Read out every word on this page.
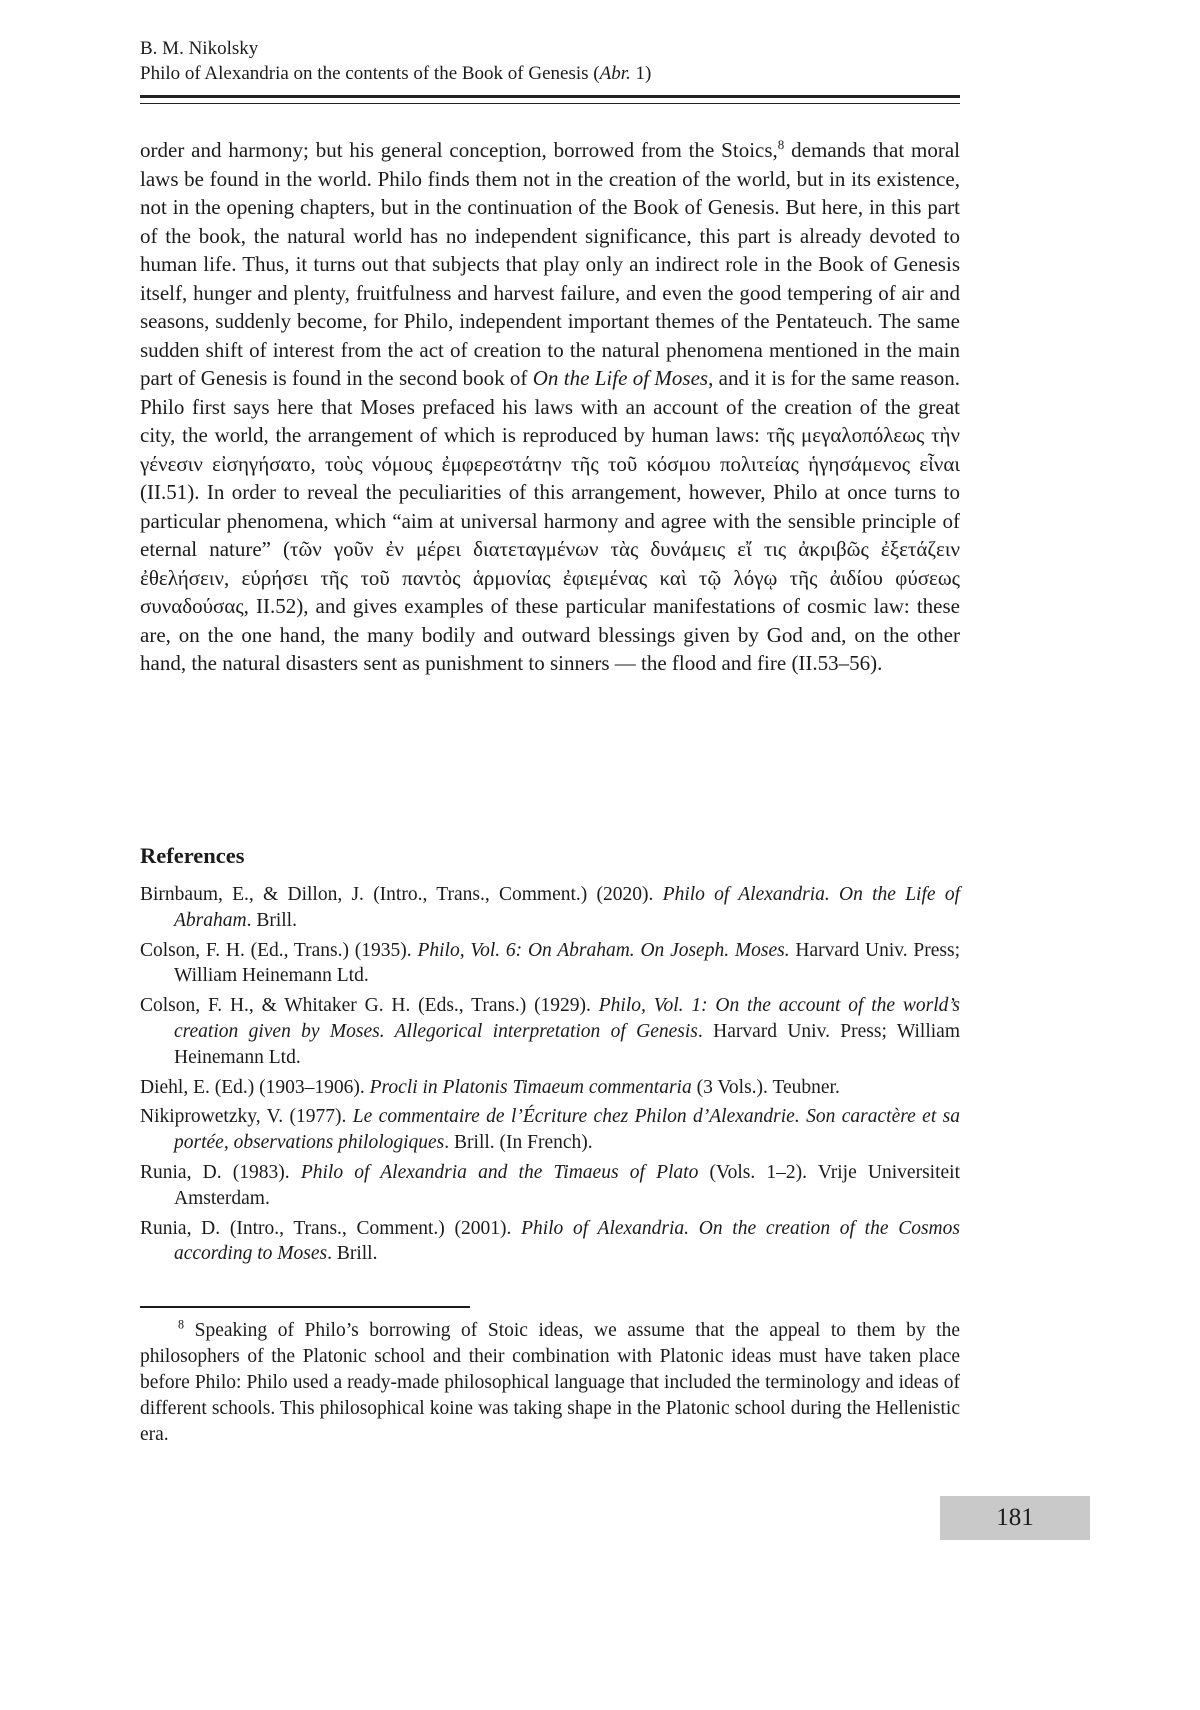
B. M. Nikolsky
Philo of Alexandria on the contents of the Book of Genesis (Abr. 1)

order and harmony; but his general conception, borrowed from the Stoics,$^8$ demands that moral laws be found in the world. Philo finds them not in the creation of the world, but in its existence, not in the opening chapters, but in the continuation of the Book of Genesis. But here, in this part of the book, the natural world has no independent significance, this part is already devoted to human life. Thus, it turns out that subjects that play only an indirect role in the Book of Genesis itself, hunger and plenty, fruitfulness and harvest failure, and even the good tempering of air and seasons, suddenly become, for Philo, independent important themes of the Pentateuch. The same sudden shift of interest from the act of creation to the natural phenomena mentioned in the main part of Genesis is found in the second book of On the Life of Moses, and it is for the same reason. Philo first says here that Moses prefaced his laws with an account of the creation of the great city, the world, the arrangement of which is reproduced by human laws: τῆς μεγαλοπόλεως τὴν γένεσιν εἰσηγήσατο, τοὺς νόμους ἐμφερεστάτην τῆς τοῦ κόσμου πολιτείας ἡγησάμενος εἶναι (II.51). In order to reveal the peculiarities of this arrangement, however, Philo at once turns to particular phenomena, which “aim at universal harmony and agree with the sensible principle of eternal nature” (τῶν γοῦν ἐν μέρει διατεταγμένων τὰς δυνάμεις εἴ τις ἀκριβῶς ἐξετάζειν ἐθελήσειν, εὑρήσει τῆς τοῦ παντὸς ἁρμονίας ἐφιεμένας καὶ τῷ λόγῳ τῆς ἀιδίου φύσεως συναδούσας, II.52), and gives examples of these particular manifestations of cosmic law: these are, on the one hand, the many bodily and outward blessings given by God and, on the other hand, the natural disasters sent as punishment to sinners — the flood and fire (II.53–56).

References

Birnbaum, E., & Dillon, J. (Intro., Trans., Comment.) (2020). Philo of Alexandria. On the Life of Abraham. Brill.

Colson, F. H. (Ed., Trans.) (1935). Philo, Vol. 6: On Abraham. On Joseph. Moses. Harvard Univ. Press; William Heinemann Ltd.

Colson, F. H., & Whitaker G. H. (Eds., Trans.) (1929). Philo, Vol. 1: On the account of the world’s creation given by Moses. Allegorical interpretation of Genesis. Harvard Univ. Press; William Heinemann Ltd.

Diehl, E. (Ed.) (1903–1906). Procli in Platonis Timaeum commentaria (3 Vols.). Teubner.

Nikiprowetzky, V. (1977). Le commentaire de l’Écriture chez Philon d’Alexandrie. Son caractère et sa portée, observations philologiques. Brill. (In French).

Runia, D. (1983). Philo of Alexandria and the Timaeus of Plato (Vols. 1–2). Vrije Universiteit Amsterdam.

Runia, D. (Intro., Trans., Comment.) (2001). Philo of Alexandria. On the creation of the Cosmos according to Moses. Brill.

$^8$ Speaking of Philo’s borrowing of Stoic ideas, we assume that the appeal to them by the philosophers of the Platonic school and their combination with Platonic ideas must have taken place before Philo: Philo used a ready-made philosophical language that included the terminology and ideas of different schools. This philosophical koine was taking shape in the Platonic school during the Hellenistic era.

181
